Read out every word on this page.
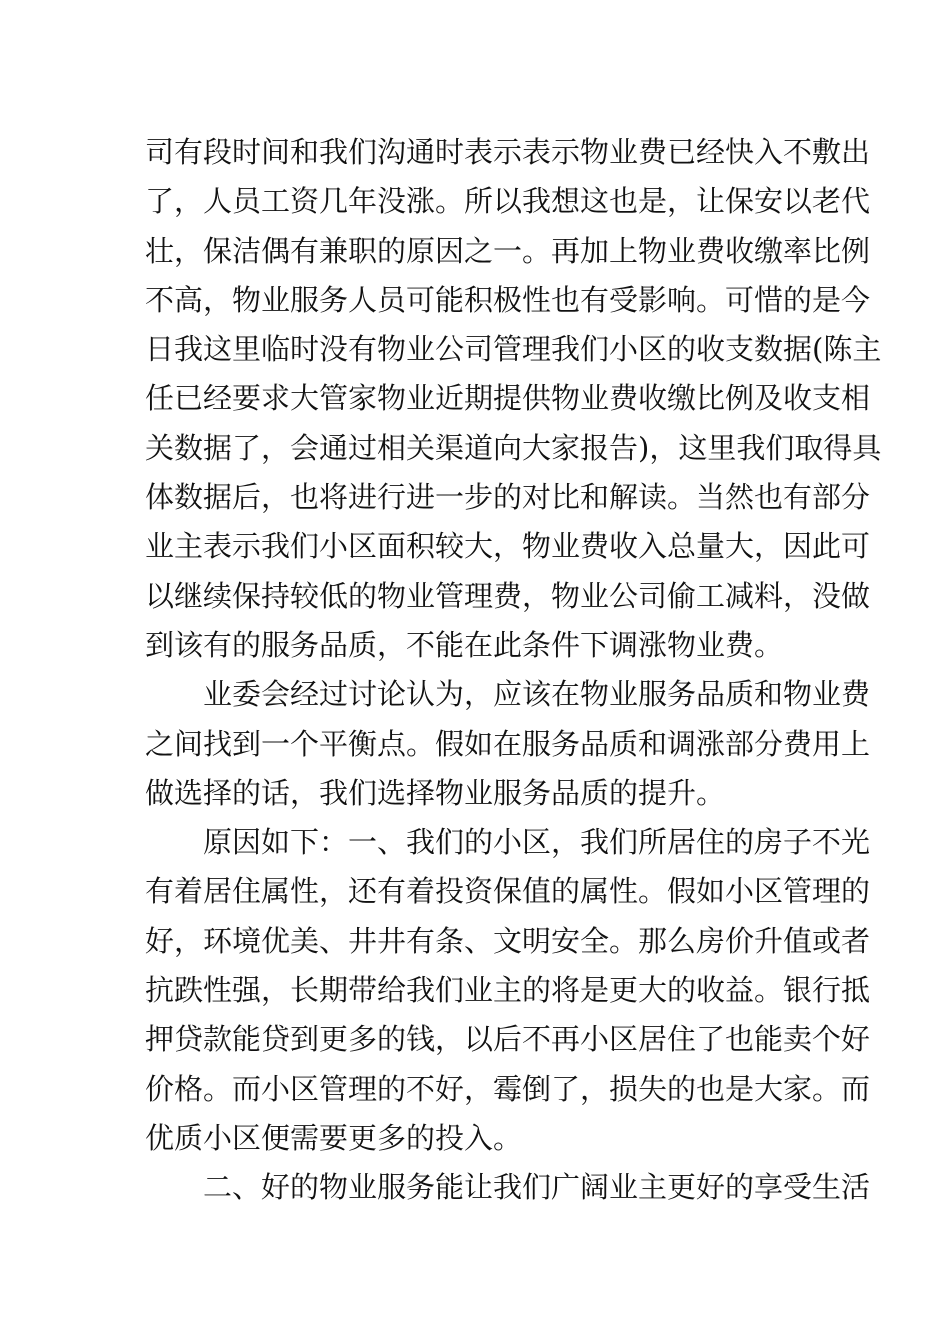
司有段时间和我们沟通时表示表示物业费已经快入不敷出
了，人员工资几年没涨。所以我想这也是，让保安以老代
壮，保洁偶有兼职的原因之一。再加上物业费收缴率比例
不高，物业服务人员可能积极性也有受影响。可惜的是今
日我这里临时没有物业公司管理我们小区的收支数据(陈主
任已经要求大管家物业近期提供物业费收缴比例及收支相
关数据了，会通过相关渠道向大家报告)，这里我们取得具
体数据后，也将进行进一步的对比和解读。当然也有部分
业主表示我们小区面积较大，物业费收入总量大，因此可
以继续保持较低的物业管理费，物业公司偷工减料，没做
到该有的服务品质，不能在此条件下调涨物业费。
业委会经过讨论认为，应该在物业服务品质和物业费
之间找到一个平衡点。假如在服务品质和调涨部分费用上
做选择的话，我们选择物业服务品质的提升。
原因如下：一、我们的小区，我们所居住的房子不光
有着居住属性，还有着投资保值的属性。假如小区管理的
好，环境优美、井井有条、文明安全。那么房价升值或者
抗跌性强，长期带给我们业主的将是更大的收益。银行抵
押贷款能贷到更多的钱，以后不再小区居住了也能卖个好
价格。而小区管理的不好，霉倒了，损失的也是大家。而
优质小区便需要更多的投入。
二、好的物业服务能让我们广阔业主更好的享受生活
